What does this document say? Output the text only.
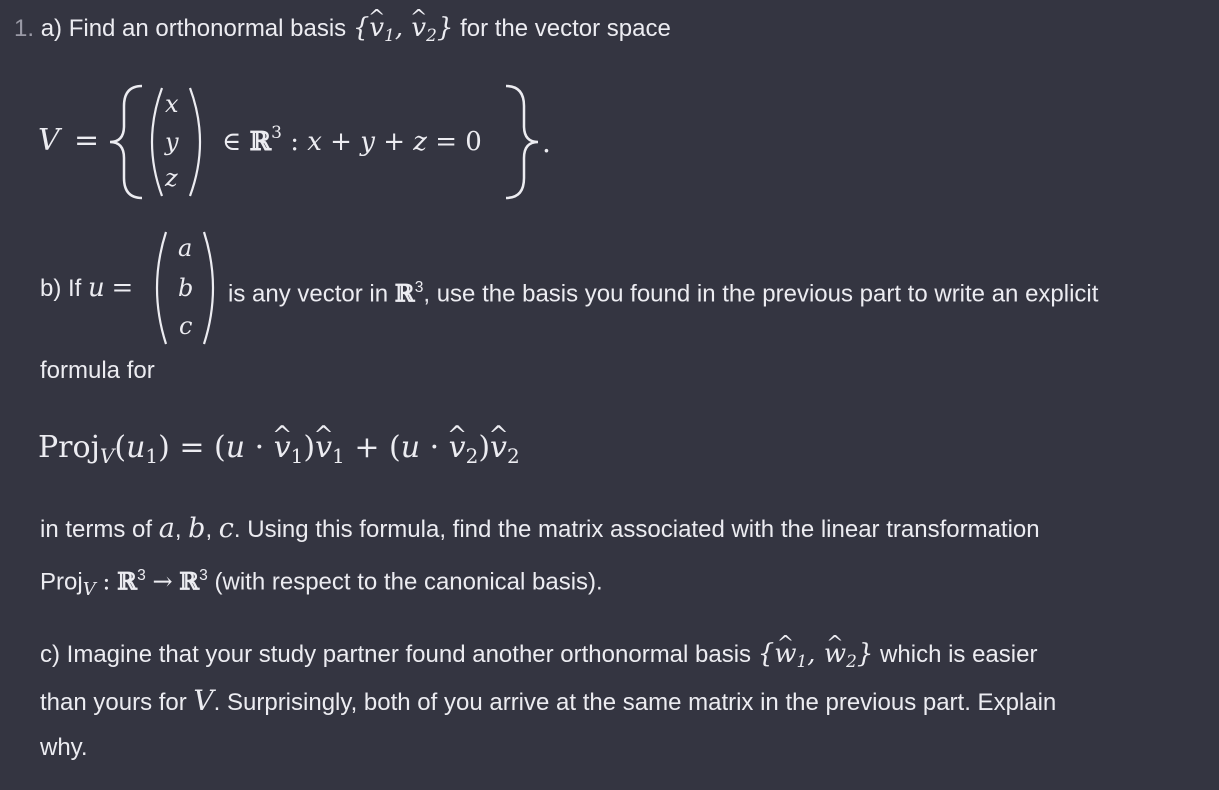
1. a) Find an orthonormal basis {^ $v_1$, ^ $v_2$} for the vector space
V =
x
y
z
∈ ℝ$^3$ : x + y + z = 0 .
b) If u =
a
b
c
is any vector in ℝ$^3$, use the basis you found in the previous part to write an explicit
formula for
$Proj_V(u_1) = (u$ · ^ $v_1)\^{}$ $v_1 + (u$ · ^ $v_2)\^{}$ $v_2$
in terms of a, b, c. Using this formula, find the matrix associated with the linear transformation
Proj$_V$ : ℝ$^3$ → ℝ$^3$ (with respect to the canonical basis).
c) Imagine that your study partner found another orthonormal basis {^ $w_1$, ^ $w_2$} which is easier
than yours for V. Surprisingly, both of you arrive at the same matrix in the previous part. Explain
why.
